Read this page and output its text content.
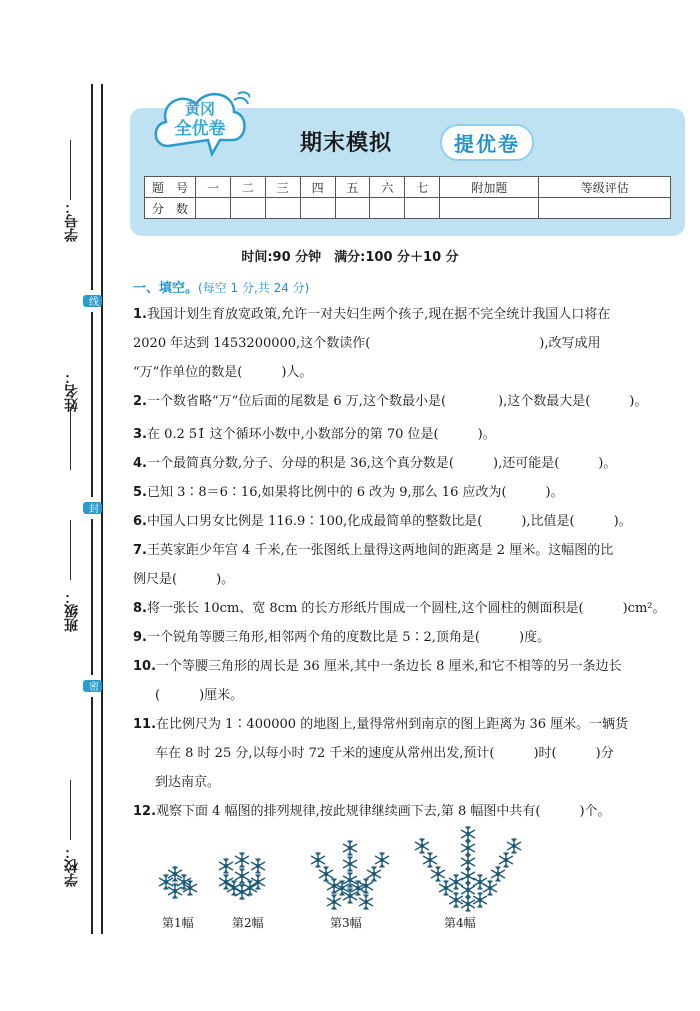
学号：
姓名：
班级：
学校：
线
封
密
黄冈
全优卷
期末模拟	提优卷
题　号	一	二	三	四	五	六	七	附加题	等级评估
分　数									
时间:90 分钟　满分:100 分＋10 分
一、填空。(每空 1 分,共 24 分)
1.我国计划生育放宽政策,允许一对夫妇生两个孩子,现在据不完全统计我国人口将在
2020 年达到 1453200000,这个数读作(　　　　　　　　　　　　　),改写成用
“万”作单位的数是(　　　)人。
2.一个数省略“万”位后面的尾数是 6 万,这个数最小是(　　　　),这个数最大是(　　　)。
3.在 0.2 5̇1̇ 这个循环小数中,小数部分的第 70 位是(　　　)。
4.一个最简真分数,分子、分母的积是 36,这个真分数是(　　　),还可能是(　　　)。
5.已知 3∶8＝6∶16,如果将比例中的 6 改为 9,那么 16 应改为(　　　)。
6.中国人口男女比例是 116.9∶100,化成最简单的整数比是(　　　),比值是(　　　)。
7.王英家距少年宫 4 千米,在一张图纸上量得这两地间的距离是 2 厘米。这幅图的比
例尺是(　　　)。
8.将一张长 10cm、宽 8cm 的长方形纸片围成一个圆柱,这个圆柱的侧面积是(　　　)cm²。
9.一个锐角等腰三角形,相邻两个角的度数比是 5∶2,顶角是(　　　)度。
10.一个等腰三角形的周长是 36 厘米,其中一条边长 8 厘米,和它不相等的另一条边长
(　　　)厘米。
11.在比例尺为 1∶400000 的地图上,量得常州到南京的图上距离为 36 厘米。一辆货
车在 8 时 25 分,以每小时 72 千米的速度从常州出发,预计(　　　)时(　　　)分
到达南京。
12.观察下面 4 幅图的排列规律,按此规律继续画下去,第 8 幅图中共有(　　　)个。
第1幅	第2幅	第3幅	第4幅
